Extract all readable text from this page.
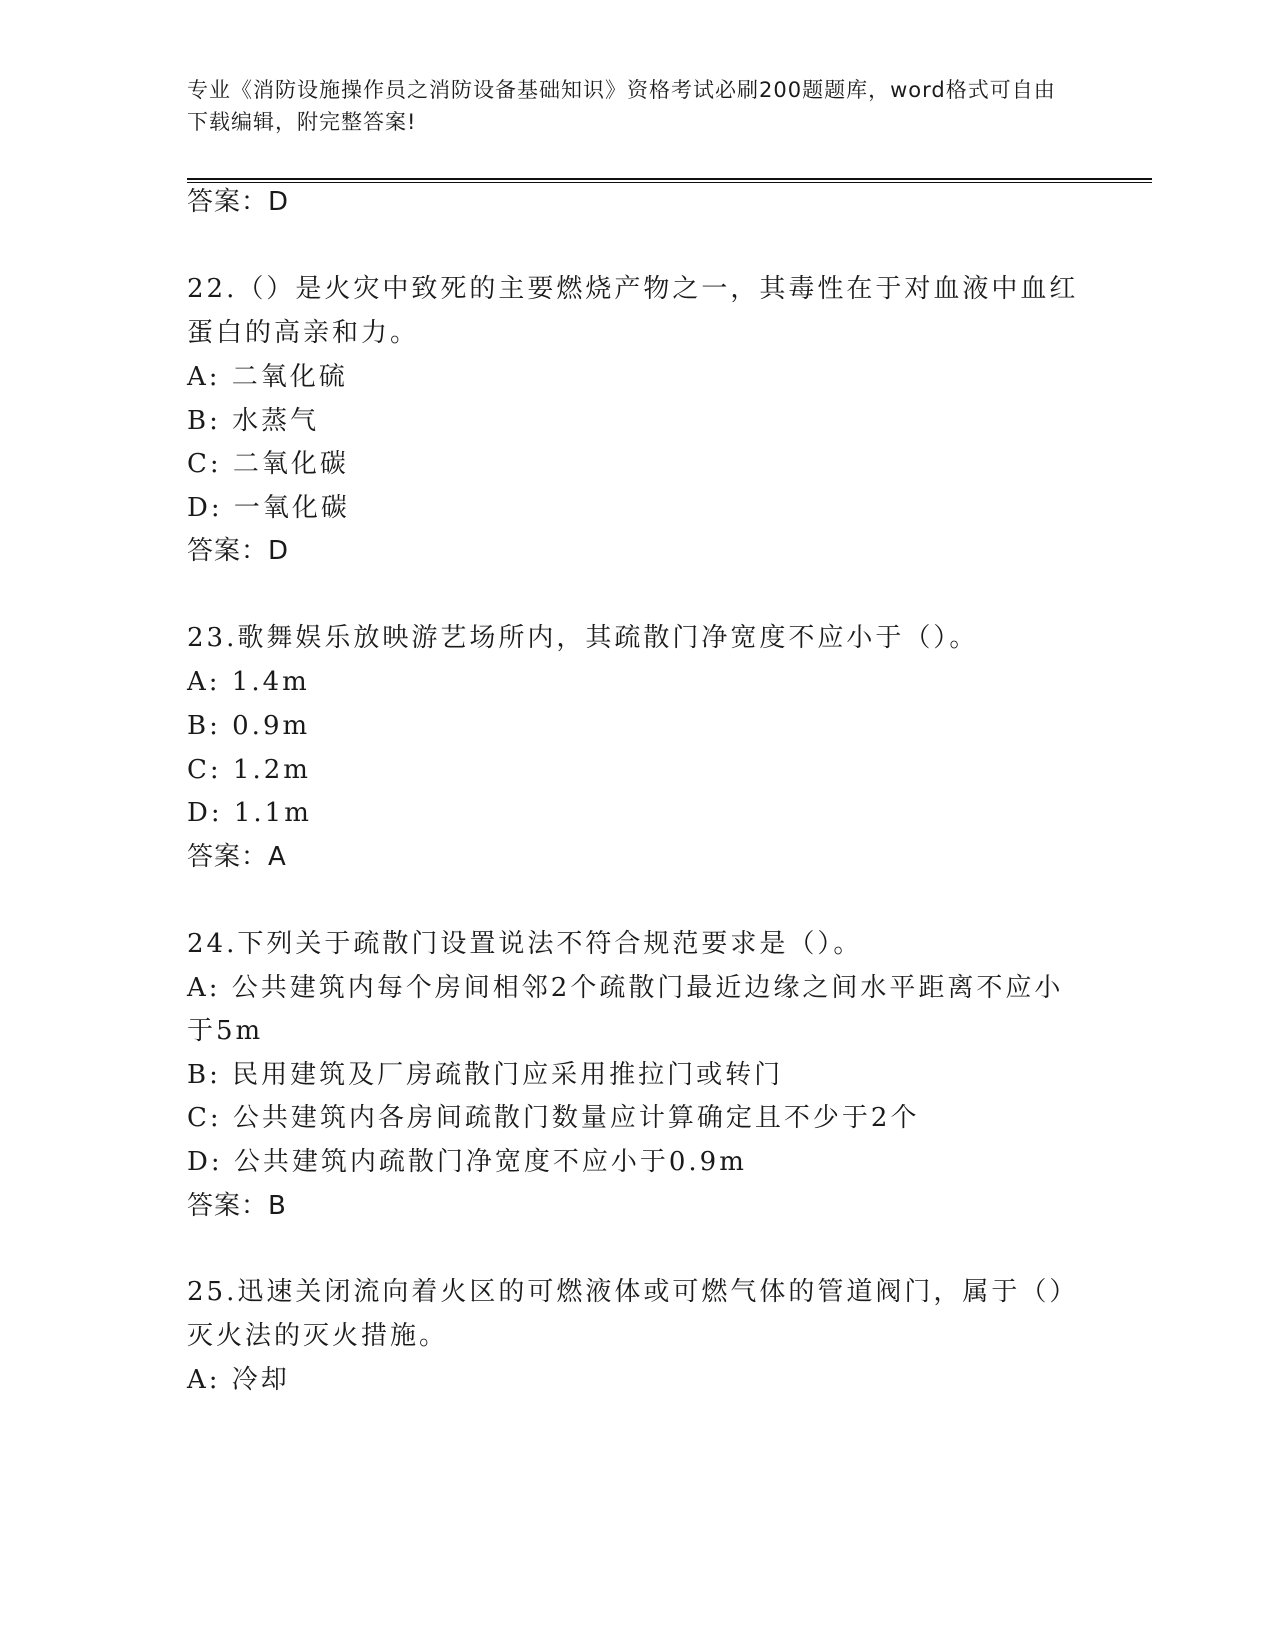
专业《消防设施操作员之消防设备基础知识》资格考试必刷200题题库，word格式可自由下载编辑，附完整答案!
答案：D
22.（）是火灾中致死的主要燃烧产物之一，其毒性在于对血液中血红
蛋白的高亲和力。
A: 二氧化硫
B: 水蒸气
C: 二氧化碳
D: 一氧化碳
答案：D
23.歌舞娱乐放映游艺场所内，其疏散门净宽度不应小于（）。
A: 1.4m
B: 0.9m
C: 1.2m
D: 1.1m
答案：A
24.下列关于疏散门设置说法不符合规范要求是（）。
A: 公共建筑内每个房间相邻2个疏散门最近边缘之间水平距离不应小
于5m
B: 民用建筑及厂房疏散门应采用推拉门或转门
C: 公共建筑内各房间疏散门数量应计算确定且不少于2个
D: 公共建筑内疏散门净宽度不应小于0.9m
答案：B
25.迅速关闭流向着火区的可燃液体或可燃气体的管道阀门，属于（）
灭火法的灭火措施。
A: 冷却
